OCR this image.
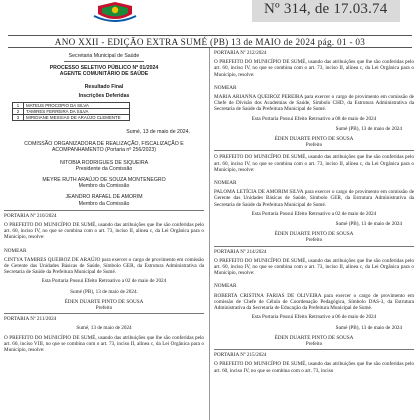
Nº 314, de 17.03.74
ANO XXII - EDIÇÃO EXTRA SUMÉ (PB) 13 de MAIO de 2024 pág. 01 - 03
Secretaria Municipal de Saúde
PROCESSO SELETIVO PÚBLICO Nº 01/2024
AGENTE COMUNITÁRIO DE SAÚDE
Resultado Final
Inscrições Deferidas
1	MATEUS PROCOPIO DA SILVA
2	TAMIRES FERREIRA DA SILVA
3	MIRIDIANE MESSIAS DE ARAÚJO CLEMENTE
Sumé, 13 de maio de 2024.
COMISSÃO ORGANIZADORA DE REALIZAÇÃO, FISCALIZAÇÃO E
ACOMPANHAMENTO (Portaria nº 256/2023)
NITOBIA RODRIGUES DE SIQUEIRA
Presidente da Comissão
MEYRE RUTH ARAÚJO DE SOUZA MONTENEGRO
Membro da Comissão
JEANDRO RAFAEL DE AMORIM
Membro da Comissão
PORTARIA Nº 210/2024
O PREFEITO DO MUNICÍPIO DE SUMÉ, usando das atribuições que lhe são conferidas pelo art. 60, inciso IV, no que se combina com o art. 73, inciso II, alínea c, da Lei Orgânica para o Município, resolve:
NOMEAR
CINTYA TAMIRES QUEIROZ DE ARAÚJO para exercer o cargo de provimento em comissão de Gerente das Unidades Básicas de Saúde, Símbolo GER, da Estrutura Administrativa da Secretaria de Saúde da Prefeitura Municipal de Sumé.
Esta Portaria Possui Efeito Retroativo a 02 de maio de 2024
Sumé (PB), 13 de maio de 2024.
ÉDEN DUARTE PINTO DE SOUSA
Prefeito
PORTARIA Nº 211/2024
Sumé, 13 de maio de 2024
O PREFEITO DO MUNICÍPIO DE SUMÉ, usando das atribuições que lhe são conferidas pelo art. 60, inciso VIII, no que se combina com o art. 73, inciso II, alínea c, da Lei Orgânica para o Município, resolve:
PORTARIA Nº 212/2024
O PREFEITO DO MUNICÍPIO DE SUMÉ, usando das atribuições que lhe são conferidas pelo art. 60, inciso IV, no que se combina com o art. 73, inciso II, alínea c, da Lei Orgânica para o Município, resolve:
NOMEAR
MARIA ARIANNA QUEIROZ PEREIRA para exercer o cargo de provimento em comissão de Chefe de Divisão dos Academias de Saúde, Símbolo CHD, da Estrutura Administrativa da Secretaria de Saúde da Prefeitura Municipal de Sumé.
Esta Portaria Possui Efeito Retroativo a 08 de maio de 2024
Sumé (PB), 13 de maio de 2024
ÉDEN DUARTE PINTO DE SOUSA
Prefeito
O PREFEITO DO MUNICÍPIO DE SUMÉ, usando das atribuições que lhe são conferidas pelo art. 60, inciso IV, no que se combina com o art. 73, inciso II, alínea c, da Lei Orgânica para o Município, resolve:
NOMEAR
PALOMA LETÍCIA DE AMORIM SILVA para exercer o cargo de provimento em comissão de Gerente das Unidades Básicas de Saúde, Símbolo GER, da Estrutura Administrativa da Secretaria de Saúde da Prefeitura Municipal de Sumé.
Esta Portaria Possui Efeito Retroativo a 02 de maio de 2024
Sumé (PB), 13 de maio de 2024
ÉDEN DUARTE PINTO DE SOUSA
Prefeito
PORTARIA Nº 214/2024
O PREFEITO DO MUNICÍPIO DE SUMÉ, usando das atribuições que lhe são conferidas pelo art. 60, inciso IV, no que se combina com o art. 73, inciso II, alínea c, da Lei Orgânica para o Município, resolve:
NOMEAR
ROBERTA CRISTINA FARIAS DE OLIVEIRA para exercer o cargo de provimento em comissão de Chefe de Célula de Coordenação Pedagógica, Símbolo DAS-3, da Estrutura Administrativa da Secretaria de Educação da Prefeitura Municipal de Sumé.
Esta Portaria Possui Efeito Retroativo a 06 de maio de 2024
Sumé (PB), 13 de maio de 2024
ÉDEN DUARTE PINTO DE SOUSA
Prefeito
PORTARIA Nº 215/2024
O PREFEITO DO MUNICÍPIO DE SUMÉ, usando das atribuições que lhe são conferidas pelo art. 60, inciso IV, no que se combina com o art. 73, inciso
